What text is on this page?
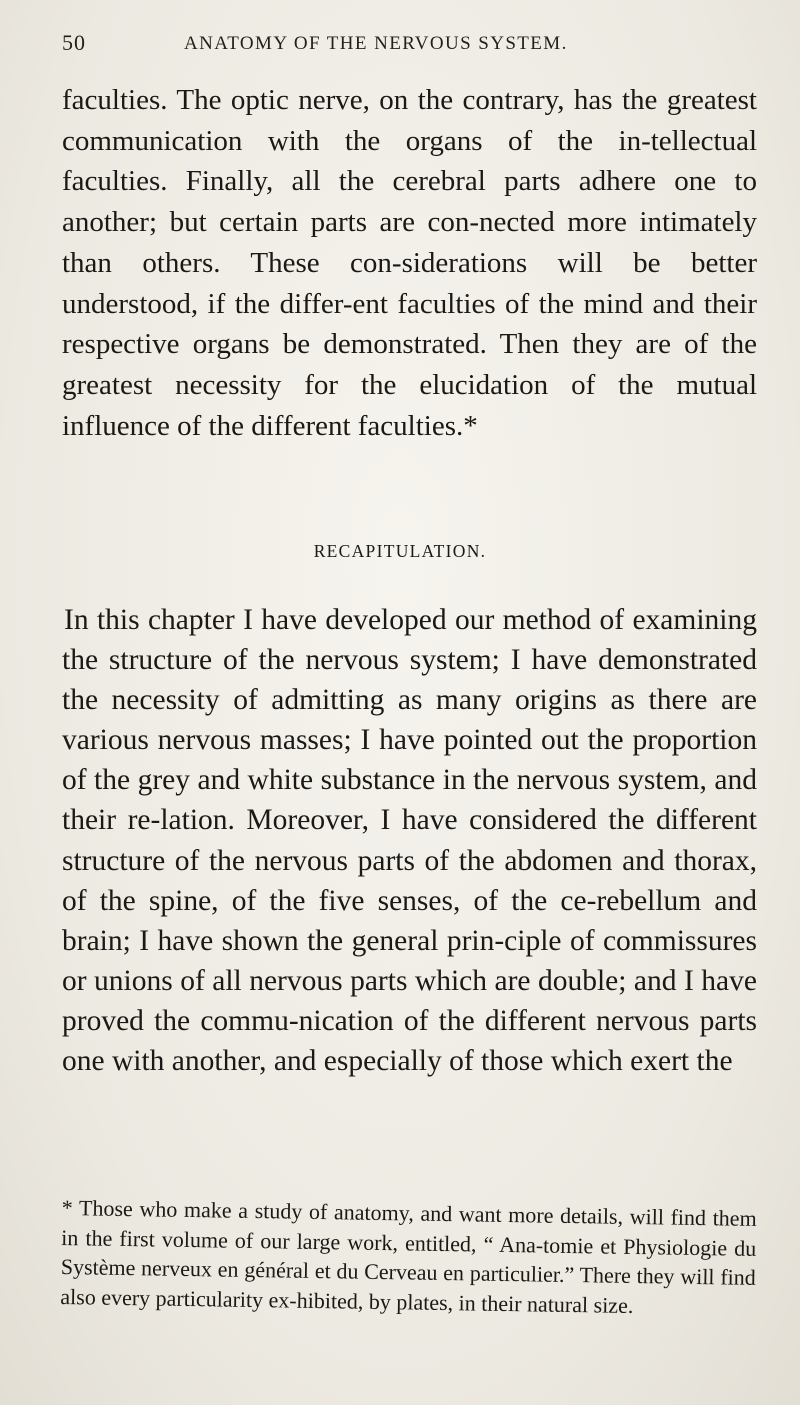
50	ANATOMY OF THE NERVOUS SYSTEM.
faculties. The optic nerve, on the contrary, has the greatest communication with the organs of the in-tellectual faculties. Finally, all the cerebral parts adhere one to another; but certain parts are con-nected more intimately than others. These con-siderations will be better understood, if the differ-ent faculties of the mind and their respective organs be demonstrated. Then they are of the greatest necessity for the elucidation of the mutual influence of the different faculties.*
RECAPITULATION.
In this chapter I have developed our method of examining the structure of the nervous system; I have demonstrated the necessity of admitting as many origins as there are various nervous masses; I have pointed out the proportion of the grey and white substance in the nervous system, and their re-lation. Moreover, I have considered the different structure of the nervous parts of the abdomen and thorax, of the spine, of the five senses, of the ce-rebellum and brain; I have shown the general prin-ciple of commissures or unions of all nervous parts which are double; and I have proved the commu-nication of the different nervous parts one with another, and especially of those which exert the
* Those who make a study of anatomy, and want more details, will find them in the first volume of our large work, entitled, “ Ana-tomie et Physiologie du Système nerveux en général et du Cerveau en particulier.” There they will find also every particularity ex-hibited, by plates, in their natural size.
